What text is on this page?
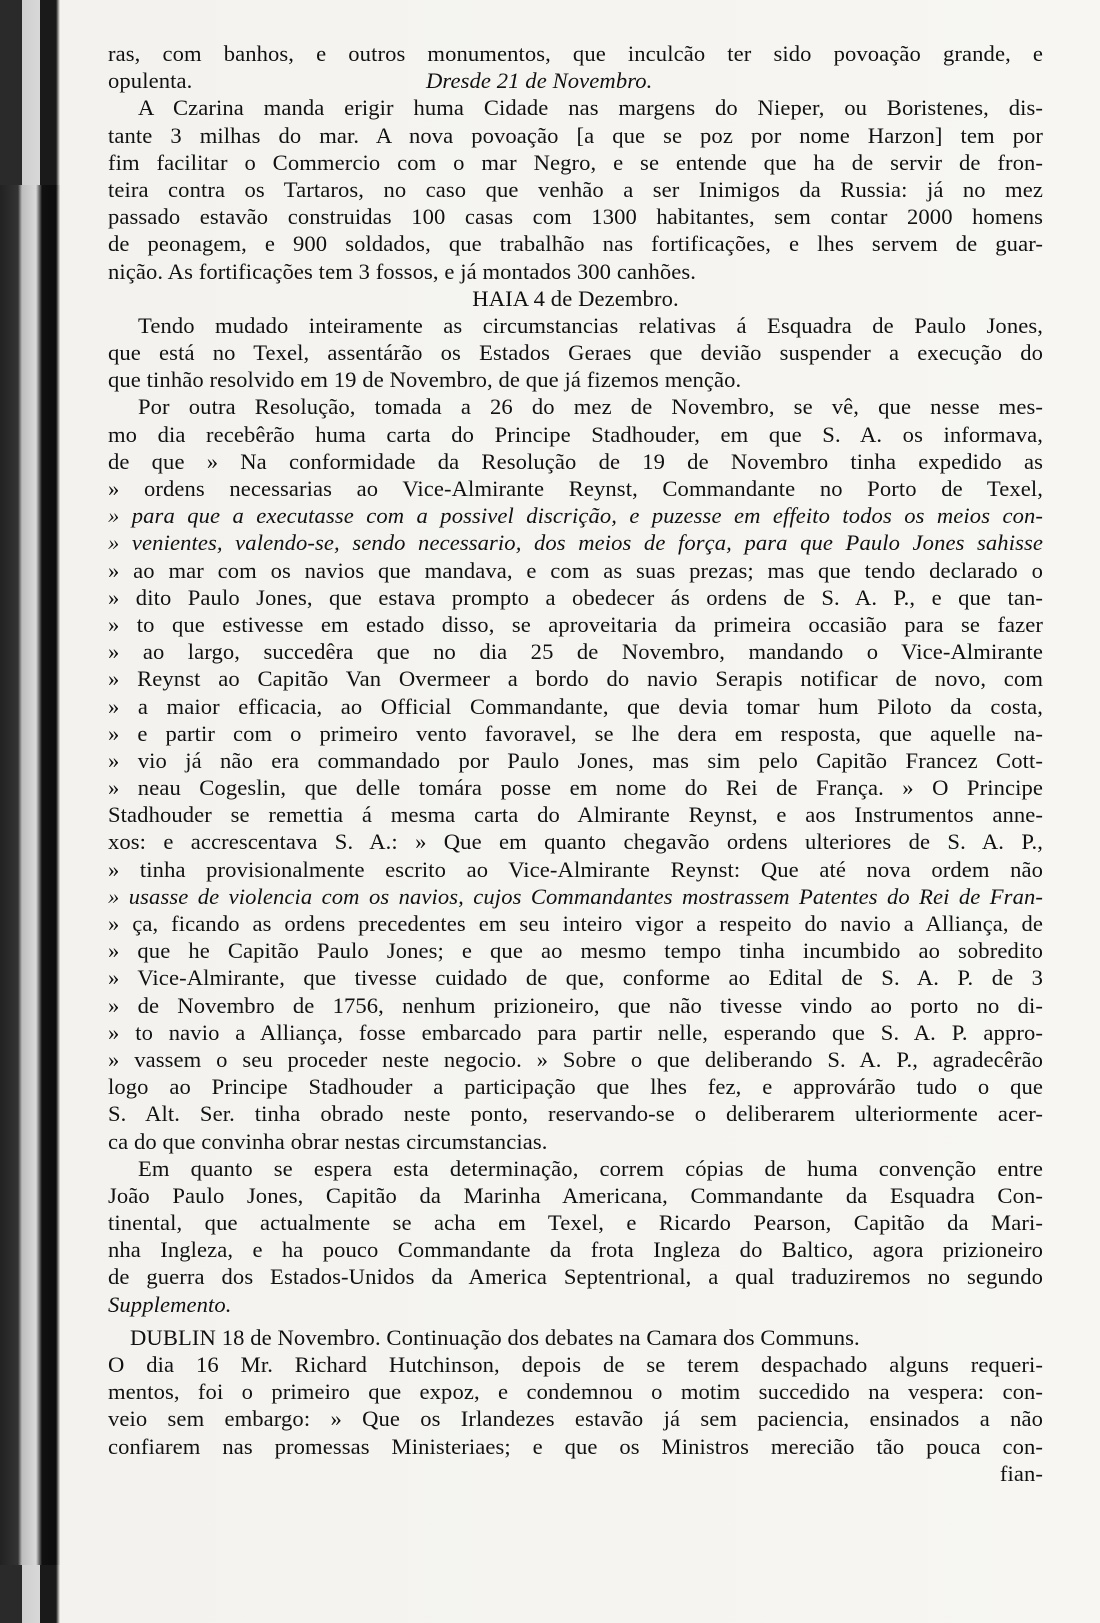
ras, com banhos, e outros monumentos, que inculcão ter sido povoação grande, e
opulenta.	Dresde 21 de Novembro.
A Czarina manda erigir huma Cidade nas margens do Nieper, ou Boristenes, dis-
tante 3 milhas do mar. A nova povoação [a que se poz por nome Harzon] tem por
fim facilitar o Commercio com o mar Negro, e se entende que ha de servir de fron-
teira contra os Tartaros, no caso que venhão a ser Inimigos da Russia: já no mez
passado estavão construidas 100 casas com 1300 habitantes, sem contar 2000 homens
de peonagem, e 900 soldados, que trabalhão nas fortificações, e lhes servem de guar-
nição. As fortificações tem 3 fossos, e já montados 300 canhões.
HAIA 4 de Dezembro.
Tendo mudado inteiramente as circumstancias relativas á Esquadra de Paulo Jones,
que está no Texel, assentárão os Estados Geraes que devião suspender a execução do
que tinhão resolvido em 19 de Novembro, de que já fizemos menção.
Por outra Resolução, tomada a 26 do mez de Novembro, se vê, que nesse mes-
mo dia recebêrão huma carta do Principe Stadhouder, em que S. A. os informava,
de que » Na conformidade da Resolução de 19 de Novembro tinha expedido as
» ordens necessarias ao Vice-Almirante Reynst, Commandante no Porto de Texel,
» para que a executasse com a possivel discrição, e puzesse em effeito todos os meios con-
» venientes, valendo-se, sendo necessario, dos meios de força, para que Paulo Jones sahisse
» ao mar com os navios que mandava, e com as suas prezas; mas que tendo declarado o
» dito Paulo Jones, que estava prompto a obedecer ás ordens de S. A. P., e que tan-
» to que estivesse em estado disso, se aproveitaria da primeira occasião para se fazer
» ao largo, succedêra que no dia 25 de Novembro, mandando o Vice-Almirante
» Reynst ao Capitão Van Overmeer a bordo do navio Serapis notificar de novo, com
» a maior efficacia, ao Official Commandante, que devia tomar hum Piloto da costa,
» e partir com o primeiro vento favoravel, se lhe dera em resposta, que aquelle na-
» vio já não era commandado por Paulo Jones, mas sim pelo Capitão Francez Cott-
» neau Cogeslin, que delle tomára posse em nome do Rei de França. » O Principe
Stadhouder se remettia á mesma carta do Almirante Reynst, e aos Instrumentos anne-
xos: e accrescentava S. A.: » Que em quanto chegavão ordens ulteriores de S. A. P.,
» tinha provisionalmente escrito ao Vice-Almirante Reynst: Que até nova ordem não
» usasse de violencia com os navios, cujos Commandantes mostrassem Patentes do Rei de Fran-
» ça, ficando as ordens precedentes em seu inteiro vigor a respeito do navio a Alliança, de
» que he Capitão Paulo Jones; e que ao mesmo tempo tinha incumbido ao sobredito
» Vice-Almirante, que tivesse cuidado de que, conforme ao Edital de S. A. P. de 3
» de Novembro de 1756, nenhum prizioneiro, que não tivesse vindo ao porto no di-
» to navio a Alliança, fosse embarcado para partir nelle, esperando que S. A. P. appro-
» vassem o seu proceder neste negocio. » Sobre o que deliberando S. A. P., agradecêrão
logo ao Principe Stadhouder a participação que lhes fez, e approvárão tudo o que
S. Alt. Ser. tinha obrado neste ponto, reservando-se o deliberarem ulteriormente acer-
ca do que convinha obrar nestas circumstancias.
Em quanto se espera esta determinação, correm cópias de huma convenção entre
João Paulo Jones, Capitão da Marinha Americana, Commandante da Esquadra Con-
tinental, que actualmente se acha em Texel, e Ricardo Pearson, Capitão da Mari-
nha Ingleza, e ha pouco Commandante da frota Ingleza do Baltico, agora prizioneiro
de guerra dos Estados-Unidos da America Septentrional, a qual traduziremos no segundo
Supplemento.
DUBLIN 18 de Novembro. Continuação dos debates na Camara dos Communs.
O dia 16 Mr. Richard Hutchinson, depois de se terem despachado alguns requeri-
mentos, foi o primeiro que expoz, e condemnou o motim succedido na vespera: con-
veio sem embargo: » Que os Irlandezes estavão já sem paciencia, ensinados a não
confiarem nas promessas Ministeriaes; e que os Ministros merecião tão pouca con-
fian-
